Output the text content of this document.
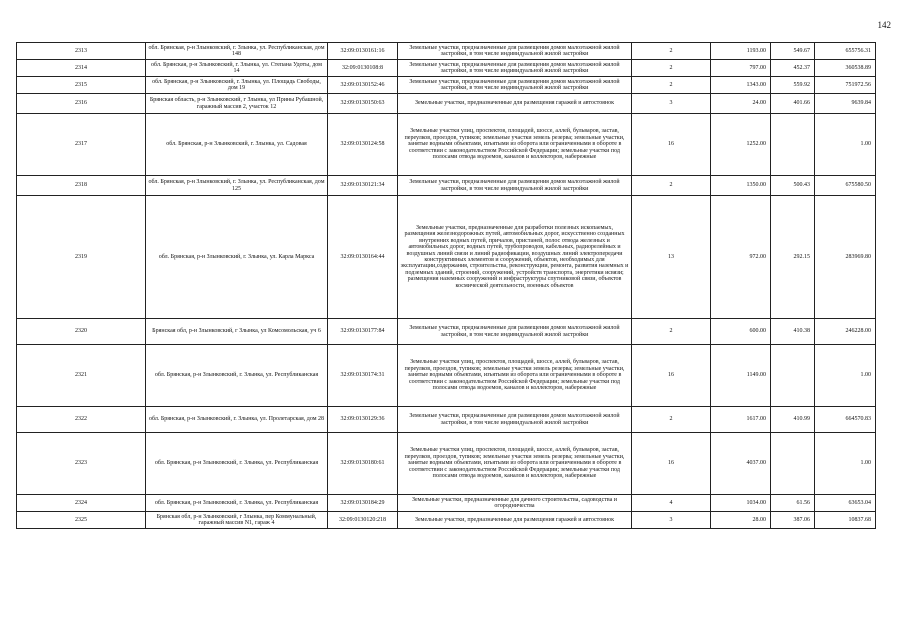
142
2313	обл. Брянская, р-н Злынковский, г. Злынка, ул. Республиканская, дом 148	32:09:0130161:16	Земельные участки, предназначенные для размещения домов малоэтажной жилой застройки, в том числе индивидуальной жилой застройки	2	1193.00	549.67	655756.31
2314	обл. Брянская, р-н Злынковский, г. Злынка, ул. Степана Удоты, дом 14	32:09:0130108:8	Земельные участки, предназначенные для размещения домов малоэтажной жилой застройки, в том числе индивидуальной жилой застройки	2	797.00	452.37	360538.89
2315	обл. Брянская, р-н Злынковский, г. Злынка, ул. Площадь Свободы, дом 19	32:09:0130152:46	Земельные участки, предназначенные для размещения домов малоэтажной жилой застройки, в том числе индивидуальной жилой застройки	2	1343.00	559.92	751972.56
2316	Брянская область, р-н Злынковский, г Злынка, ул Прины Рубашной, гаражный массив 2, участок 12	32:09:0130150:63	Земельные участки, предназначенные для размещения гаражей и автостоянок	3	24.00	401.66	9639.84
2317	обл. Брянская, р-н Злынковский, г. Злынка, ул. Садовая	32:09:0130124:58	Земельные участки улиц, проспектов, площадей, шоссе, аллей, бульваров, застав, переулков, проездов, тупиков; земельные участки земель резерва; земельные участки, занятые водными объектами, изъятыми из оборота или ограниченными в обороте в соответствии с законодательством Российской Федерации; земельные участки под полосами отвода водоемов, каналов и коллекторов, набережные	16	1252.00		1.00
2318	обл. Брянская, р-н Злынковский, г. Злынка, ул. Республиканская, дом 125	32:09:0130121:34	Земельные участки, предназначенные для размещения домов малоэтажной жилой застройки, в том числе индивидуальной жилой застройки	2	1350.00	500.43	675580.50
2319	обл. Брянская, р-н Злынковский, г. Злынка, ул. Карла Маркса	32:09:0130164:44	Земельные участки, предназначенные для разработки полезных ископаемых, размещения железнодорожных путей, автомобильных дорог, искусственно созданных внутренних водных путей, причалов, пристаней, полос отвода железных и автомобильных дорог, водных путей, трубопроводов, кабельных, радиорелейных и воздушных линий связи и линий радиофикации, воздушных линий электропередачи конструктивных элементов и сооружений, объектов, необходимых для эксплуатации,содержания, строительства, реконструкции, ремонта, развития наземных и подземных зданий, строений, сооружений, устройств транспорта, энергетики исвязи; размещения наземных сооружений и инфраструктуры спутниковой связи, объектов космической деятельности, военных объектов	13	972.00	292.15	283969.80
2320	Брянская обл, р-н Злынковский, г Злынка, ул Комсомольская, уч 6	32:09:0130177:84	Земельные участки, предназначенные для размещения домов малоэтажной жилой застройки, в том числе индивидуальной жилой застройки	2	600.00	410.38	246228.00
2321	обл. Брянская, р-н Злынковский, г. Злынка, ул. Республиканская	32:09:0130174:31	Земельные участки улиц, проспектов, площадей, шоссе, аллей, бульваров, застав, переулков, проездов, тупиков; земельные участки земель резерва; земельные участки, занятые водными объектами, изъятыми из оборота или ограниченными в обороте в соответствии с законодательством Российской Федерации; земельные участки под полосами отвода водоемов, каналов и коллекторов, набережные	16	1149.00		1.00
2322	обл. Брянская, р-н Злынковский, г. Злынка, ул. Пролетарская, дом 28	32:09:0130129:36	Земельные участки, предназначенные для размещения домов малоэтажной жилой застройки, в том числе индивидуальной жилой застройки	2	1617.00	410.99	664570.83
2323	обл. Брянская, р-н Злынковский, г. Злынка, ул. Республиканская	32:09:0130180:61	Земельные участки улиц, проспектов, площадей, шоссе, аллей, бульваров, застав, переулков, проездов, тупиков; земельные участки земель резерва; земельные участки, занятые водными объектами, изъятыми из оборота или ограниченными в обороте в соответствии с законодательством Российской Федерации; земельные участки под полосами отвода водоемов, каналов и коллекторов, набережные	16	4037.00		1.00
2324	обл. Брянская, р-н Злынковский, г. Злынка, ул. Республиканская	32:09:0130184:29	Земельные участки, предназначенные для дачного строительства, садоводства и огородничества	4	1034.00	61.56	63653.04
2325	Брянская обл, р-н Злынковский, г Злынка, пер Коммунальный, гаражный массив N1, гараж 4	32:09:0130120:218	Земельные участки, предназначенные для размещения гаражей и автостоянок	3	28.00	387.06	10837.68
